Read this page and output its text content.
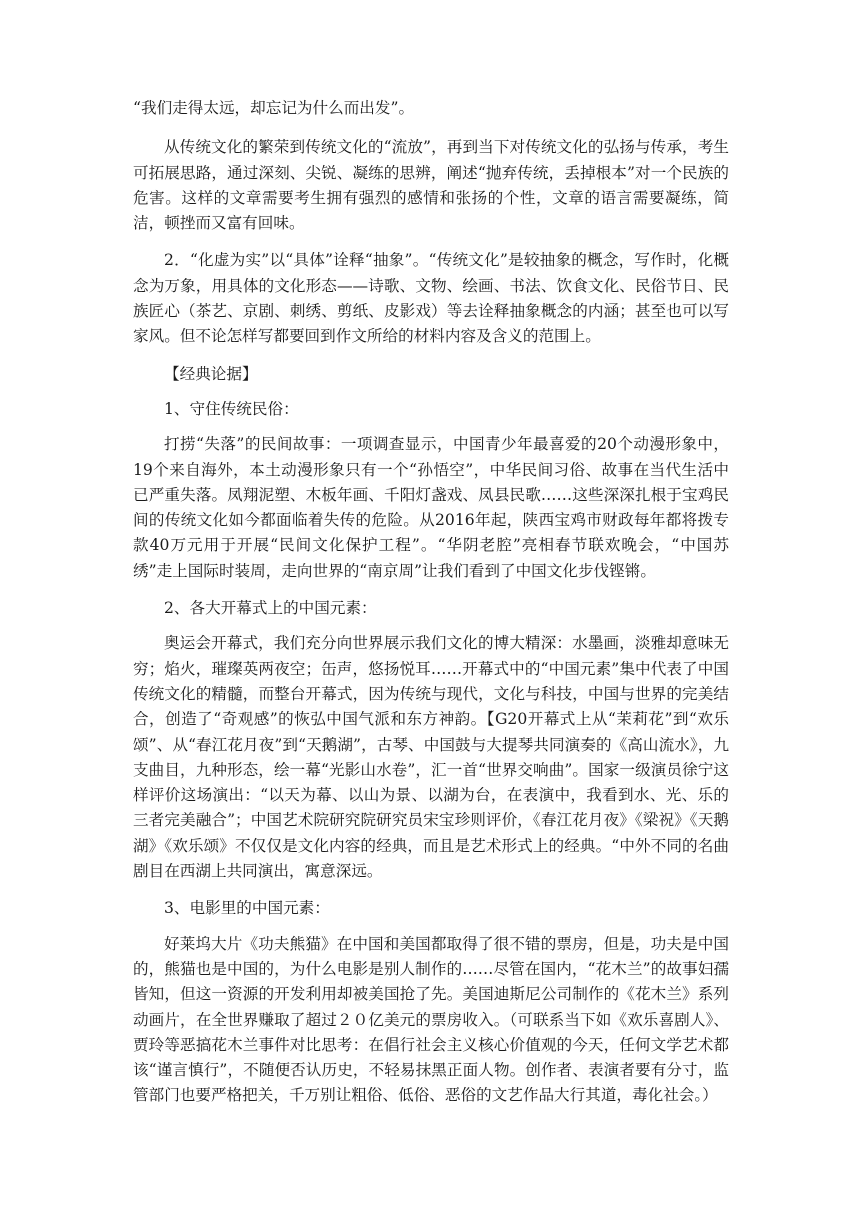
“我们走得太远，却忘记为什么而出发”。

从传统文化的繁荣到传统文化的“流放”，再到当下对传统文化的弘扬与传承，考生可拓展思路，通过深刻、尖锐、凝练的思辨，阐述“抛弃传统，丢掉根本”对一个民族的危害。这样的文章需要考生拥有强烈的感情和张扬的个性，文章的语言需要凝练，简洁，顿挫而又富有回味。

2．“化虚为实”以“具体”诠释“抽象”。“传统文化”是较抽象的概念，写作时，化概念为万象，用具体的文化形态——诗歌、文物、绘画、书法、饮食文化、民俗节日、民族匠心（茶艺、京剧、刺绣、剪纸、皮影戏）等去诠释抽象概念的内涵；甚至也可以写家风。但不论怎样写都要回到作文所给的材料内容及含义的范围上。

【经典论据】

1、守住传统民俗：

打捞“失落”的民间故事：一项调查显示，中国青少年最喜爱的20个动漫形象中，19个来自海外，本土动漫形象只有一个“孙悟空”，中华民间习俗、故事在当代生活中已严重失落。凤翔泥塑、木板年画、千阳灯盏戏、凤县民歌……这些深深扎根于宝鸡民间的传统文化如今都面临着失传的危险。从2016年起，陕西宝鸡市财政每年都将拨专款40万元用于开展“民间文化保护工程”。“华阴老腔”亮相春节联欢晚会，“中国苏绣”走上国际时装周，走向世界的“南京周”让我们看到了中国文化步伐铿锵。

2、各大开幕式上的中国元素：

奥运会开幕式，我们充分向世界展示我们文化的博大精深：水墨画，淡雅却意味无穷；焰火，璀璨英两夜空；缶声，悠扬悦耳……开幕式中的“中国元素”集中代表了中国传统文化的精髓，而整台开幕式，因为传统与现代，文化与科技，中国与世界的完美结合，创造了“奇观感”的恢弘中国气派和东方神韵。【G20开幕式上从“茉莉花”到“欢乐颂”、从“春江花月夜”到“天鹅湖”，古琴、中国鼓与大提琴共同演奏的《高山流水》，九支曲目，九种形态，绘一幕“光影山水卷”，汇一首“世界交响曲”。国家一级演员徐宁这样评价这场演出：“以天为幕、以山为景、以湖为台，在表演中，我看到水、光、乐的三者完美融合”；中国艺术院研究院研究员宋宝珍则评价，《春江花月夜》《梁祝》《天鹅湖》《欢乐颂》不仅仅是文化内容的经典，而且是艺术形式上的经典。“中外不同的名曲剧目在西湖上共同演出，寓意深远。

3、电影里的中国元素：

好莱坞大片《功夫熊猫》在中国和美国都取得了很不错的票房，但是，功夫是中国的，熊猫也是中国的，为什么电影是别人制作的……尽管在国内，“花木兰”的故事妇孺皆知，但这一资源的开发利用却被美国抢了先。美国迪斯尼公司制作的《花木兰》系列动画片，在全世界赚取了超过２０亿美元的票房收入。（可联系当下如《欢乐喜剧人》、贾玲等恶搞花木兰事件对比思考：在倡行社会主义核心价值观的今天，任何文学艺术都该“谨言慎行”，不随便否认历史，不轻易抹黑正面人物。创作者、表演者要有分寸，监管部门也要严格把关，千万别让粗俗、低俗、恶俗的文艺作品大行其道，毒化社会。）
